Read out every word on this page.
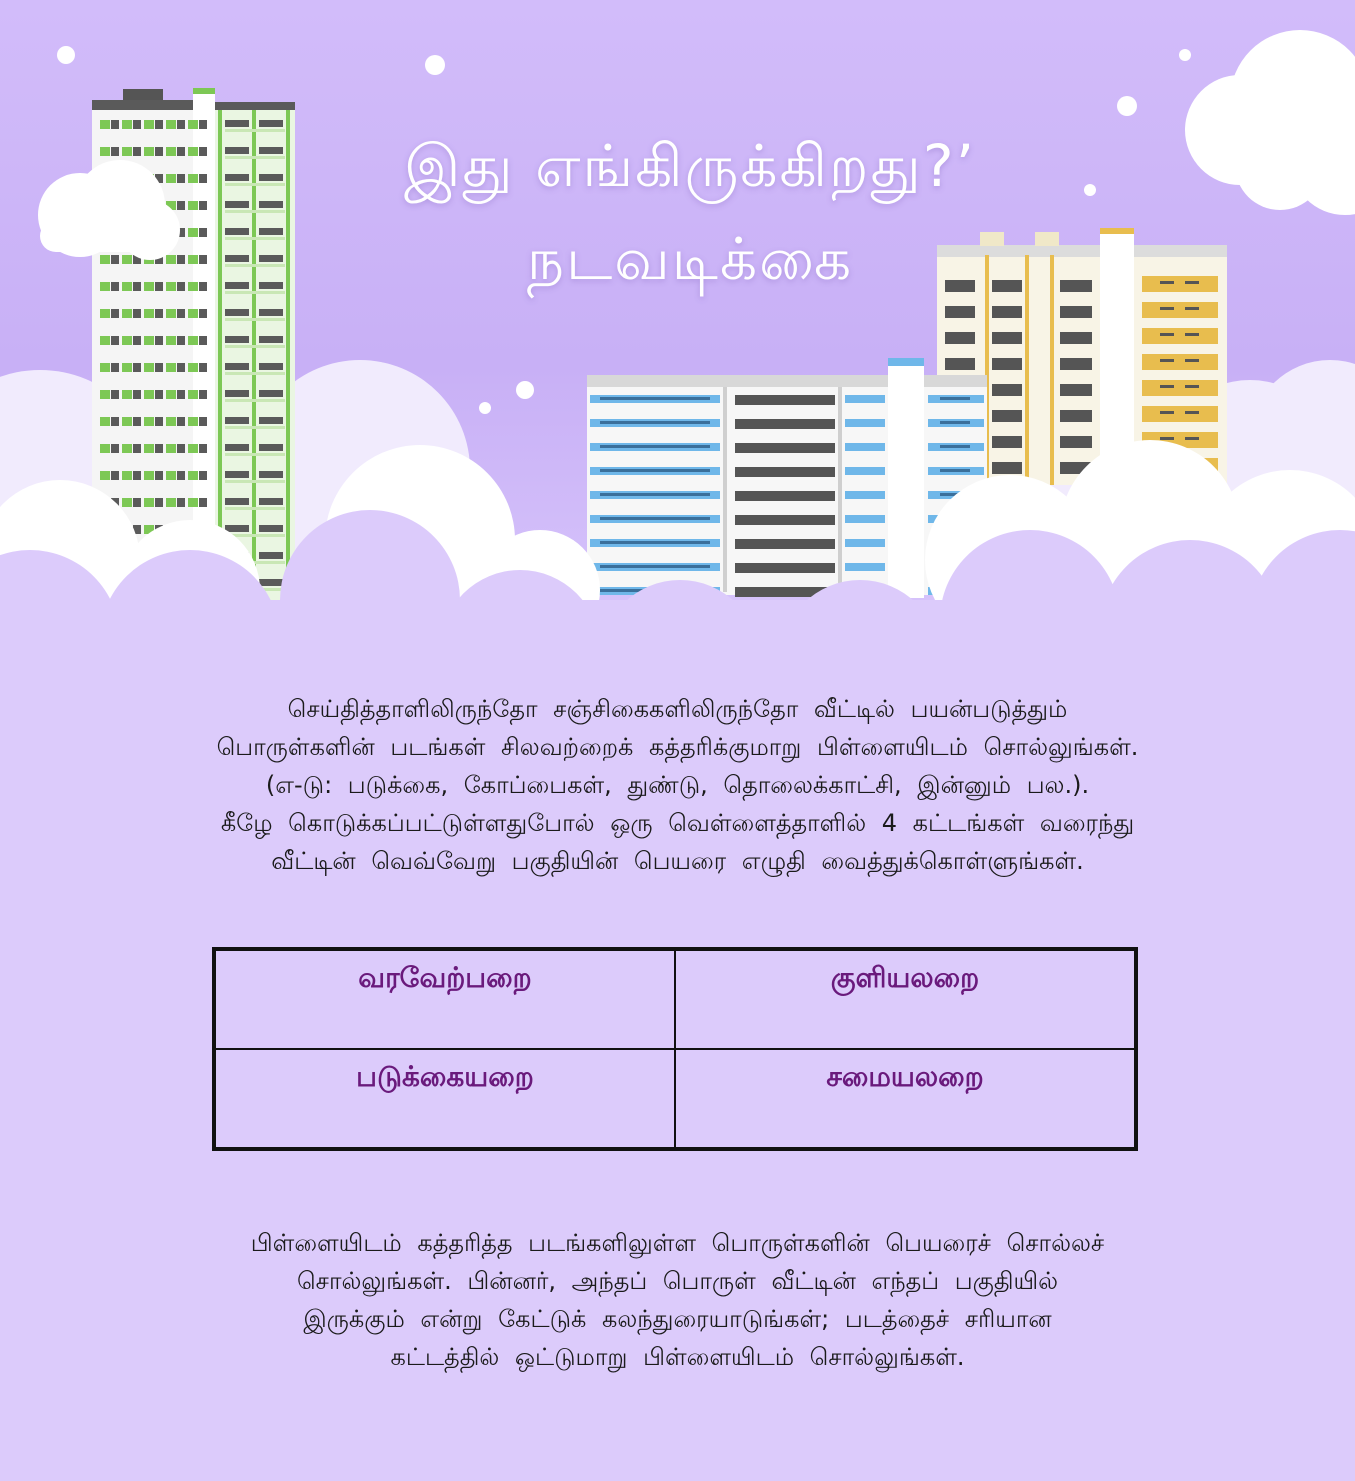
இது எங்கிருக்கிறது?’
நடவடிக்கை
செய்தித்தாளிலிருந்தோ சஞ்சிகைகளிலிருந்தோ வீட்டில் பயன்படுத்தும்
பொருள்களின் படங்கள் சிலவற்றைக் கத்தரிக்குமாறு பிள்ளையிடம் சொல்லுங்கள்.
(எ-டு: படுக்கை, கோப்பைகள், துண்டு, தொலைக்காட்சி, இன்னும் பல.).
கீழே கொடுக்கப்பட்டுள்ளதுபோல் ஒரு வெள்ளைத்தாளில் 4 கட்டங்கள் வரைந்து
வீட்டின் வெவ்வேறு பகுதியின் பெயரை எழுதி வைத்துக்கொள்ளுங்கள்.
வரவேற்பறை	குளியலறை
படுக்கையறை	சமையலறை
பிள்ளையிடம் கத்தரித்த படங்களிலுள்ள பொருள்களின் பெயரைச் சொல்லச்
சொல்லுங்கள். பின்னர், அந்தப் பொருள் வீட்டின் எந்தப் பகுதியில்
இருக்கும் என்று கேட்டுக் கலந்துரையாடுங்கள்; படத்தைச் சரியான
கட்டத்தில் ஒட்டுமாறு பிள்ளையிடம் சொல்லுங்கள்.
